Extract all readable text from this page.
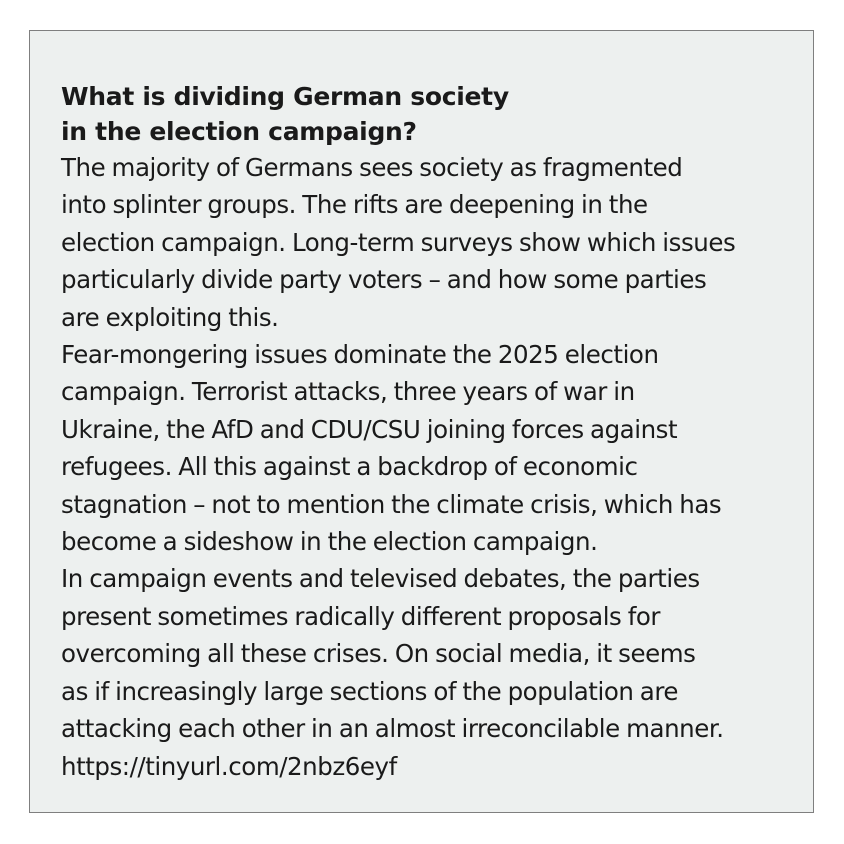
What is dividing German society
in the election campaign?

The majority of Germans sees society as fragmented
into splinter groups. The rifts are deepening in the
election campaign. Long-term surveys show which issues
particularly divide party voters – and how some parties
are exploiting this.

Fear-mongering issues dominate the 2025 election
campaign. Terrorist attacks, three years of war in
Ukraine, the AfD and CDU/CSU joining forces against
refugees. All this against a backdrop of economic
stagnation – not to mention the climate crisis, which has
become a sideshow in the election campaign.

In campaign events and televised debates, the parties
present sometimes radically different proposals for
overcoming all these crises. On social media, it seems
as if increasingly large sections of the population are
attacking each other in an almost irreconcilable manner.

https://tinyurl.com/2nbz6eyf
